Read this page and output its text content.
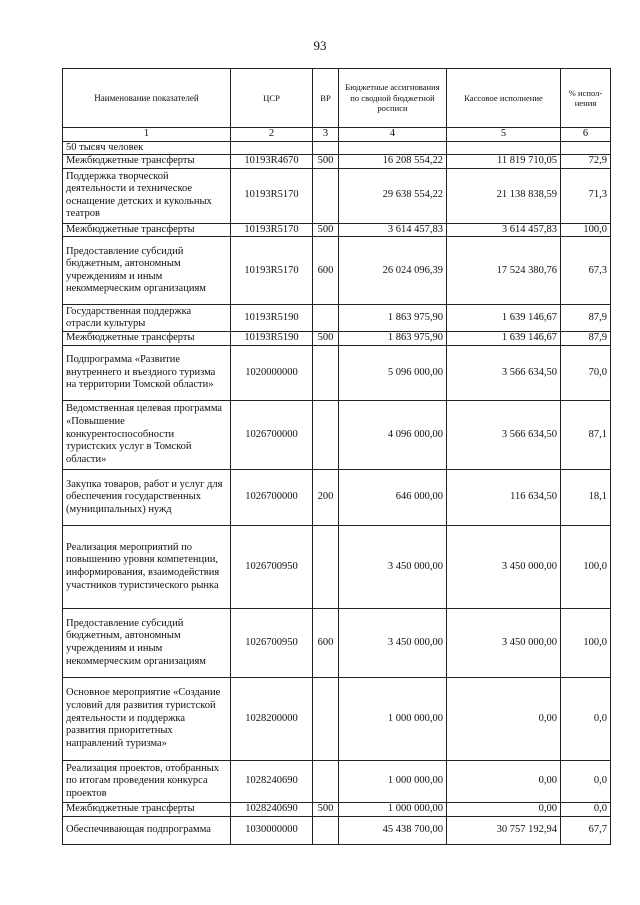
93
Наименование показателей	ЦСР	ВР	Бюджетные ассигнования по сводной бюджетной росписи	Кассовое исполнение	% испол-нения
1	2	3	4	5	6
50 тысяч человек					
Межбюджетные трансферты	10193R4670	500	16 208 554,22	11 819 710,05	72,9
Поддержка творческой деятельности и техническое оснащение детских и кукольных театров	10193R5170		29 638 554,22	21 138 838,59	71,3
Межбюджетные трансферты	10193R5170	500	3 614 457,83	3 614 457,83	100,0
Предоставление субсидий бюджетным, автономным учреждениям и иным некоммерческим организациям	10193R5170	600	26 024 096,39	17 524 380,76	67,3
Государственная поддержка отрасли культуры	10193R5190		1 863 975,90	1 639 146,67	87,9
Межбюджетные трансферты	10193R5190	500	1 863 975,90	1 639 146,67	87,9
Подпрограмма «Развитие внутреннего и въездного туризма на территории Томской области»	1020000000		5 096 000,00	3 566 634,50	70,0
Ведомственная целевая программа «Повышение конкурентоспособности туристских услуг в Томской области»	1026700000		4 096 000,00	3 566 634,50	87,1
Закупка товаров, работ и услуг для обеспечения государственных (муниципальных) нужд	1026700000	200	646 000,00	116 634,50	18,1
Реализация мероприятий по повышению уровня компетенции, информирования, взаимодействия участников туристического рынка	1026700950		3 450 000,00	3 450 000,00	100,0
Предоставление субсидий бюджетным, автономным учреждениям и иным некоммерческим организациям	1026700950	600	3 450 000,00	3 450 000,00	100,0
Основное мероприятие «Создание условий для развития туристской деятельности и поддержка развития приоритетных направлений туризма»	1028200000		1 000 000,00	0,00	0,0
Реализация проектов, отобранных по итогам проведения конкурса проектов	1028240690		1 000 000,00	0,00	0,0
Межбюджетные трансферты	1028240690	500	1 000 000,00	0,00	0,0
Обеспечивающая подпрограмма	1030000000		45 438 700,00	30 757 192,94	67,7
